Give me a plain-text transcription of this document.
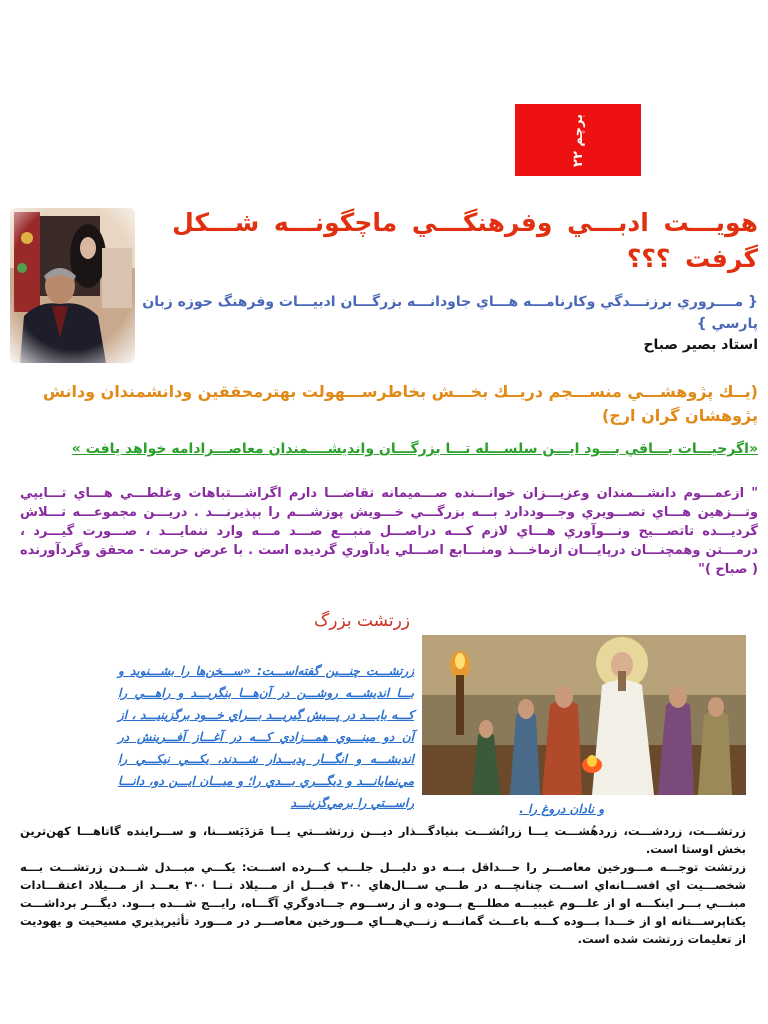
برچم ۲۲
هويـــت ادبـــي وفرهنگـــي ماچگونـــه شـــكل گرفت ؟؟؟
{ مــــروري برزنـــدگي وكارنامـــه هـــاي جاودانـــه بزرگـــان ادبيـــات وفرهنگ حوزه زبان پارسي }
استاد بصير صباح
(يــك پژوهشـــي منســـجم دريــك بخـــش بخاطرســـهولت بهترمحققين ودانشمندان ودانش پژوهشان گران ارج)
«اگرحيـــات بـــاقي بـــود ايـــن سلســـله تـــا بزرگـــان وانديشــــمندان معاصـــرادامه خواهد يافت »
" ازعمـــوم دانشـــمندان وعزيـــزان خوانـــنده صـــميمانه تقاضـــا دارم اگراشـــتباهات وغلطـــي هـــاي تـــايپي وتـــزهين هـــاي تصـــويري وجـــوددارد بـــه بزرگـــي خـــويش پوزشـــم را بپذيرنـــد . دريـــن مجموعـــه تـــلاش گرديـــده تاتصـــيح ونـــوآوري هـــاي لازم كـــه دراصـــل منبـــع صـــد مـــه وارد ننمايـــد ، صـــورت گيـــرد ، درمـــتن وهمچنـــان درپايـــان ازماخـــذ ومنـــابع اصـــلي يادآوري گرديده است . با عرض حرمت - محقق وگردآورنده ( صباح )"
زرتشت بزرگ
زرتشـــت چنـــين گفته‌اســـت: «ســـخن‌ها را بشـــنويد و بـــا انديشـــه روشـــن در آن‌هـــا بنگريـــد و راهـــي را كـــه بايـــد در پـــيش گيريـــد بـــراي خـــود برگزينيـــد ، از آن دو مينـــوي همـــزادي كـــه در آغـــاز آفـــرينش در انديشـــه و انگـــار پديـــدار شـــدند، يكـــي نيكـــي را مي‌نمايانـــد و ديگـــري بـــدي را؛ و ميـــان ايـــن دو، دانـــا راســـتي را برمي‌گزينـــد	و نادان دروغ را .

زرتشـــت، زردشـــت، زردهُشـــت يـــا زراتُشـــت بنيادگـــذار ديـــن زرتشـــتي يـــا مَزدَيَســـنا، و ســـراينده گاتاهـــا كهن‌ترين بخش اوستا است.

زرتشت توجـــه مـــورخين معاصـــر را حـــداقل بـــه دو دليـــل جلـــب كـــرده اســـت: يكـــي مبـــدل شـــدن زرتشـــت بـــه شخصـــيت اي افســـانه‌اي اســـت چنانچـــه در طـــي ســـال‌هاي ۳۰۰ قبـــل از مـــيلاد تـــا ۳۰۰ بعـــد از مـــيلاد اعتقـــادات مبنـــي بـــر اينكـــه او از علـــوم غيبيـــه مطلـــع بـــوده و از رســـوم جـــادوگري آگـــاه، رايـــج شـــده بـــود. ديگـــر برداشـــت يكتاپرســـتانه او از خـــدا بـــوده كـــه باعـــث گمانـــه زنـــي‌هـــاي مـــورخين معاصـــر در مـــورد تأثيرپذيري مسيحيت و يهوديت از تعليمات زرتشت شده است.
